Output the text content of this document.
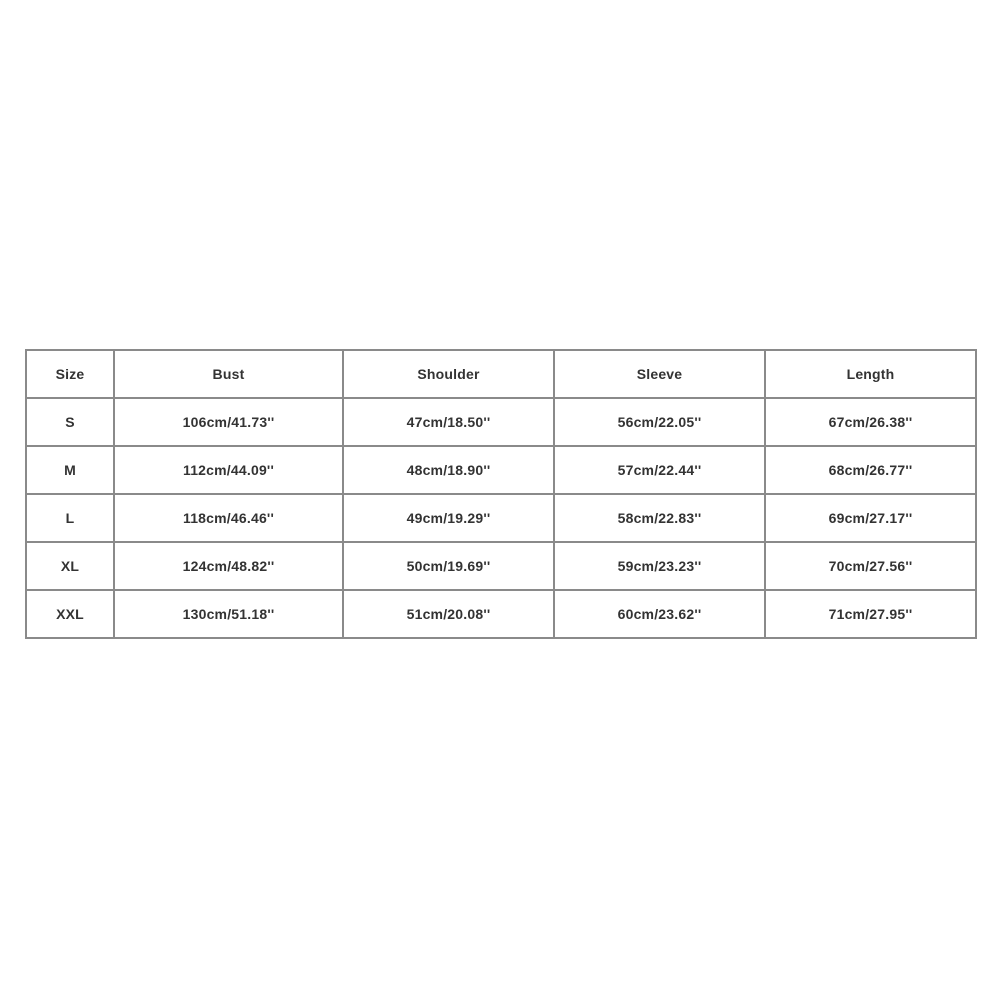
Size	Bust	Shoulder	Sleeve	Length
S	106cm/41.73''	47cm/18.50''	56cm/22.05''	67cm/26.38''
M	112cm/44.09''	48cm/18.90''	57cm/22.44''	68cm/26.77''
L	118cm/46.46''	49cm/19.29''	58cm/22.83''	69cm/27.17''
XL	124cm/48.82''	50cm/19.69''	59cm/23.23''	70cm/27.56''
XXL	130cm/51.18''	51cm/20.08''	60cm/23.62''	71cm/27.95''
